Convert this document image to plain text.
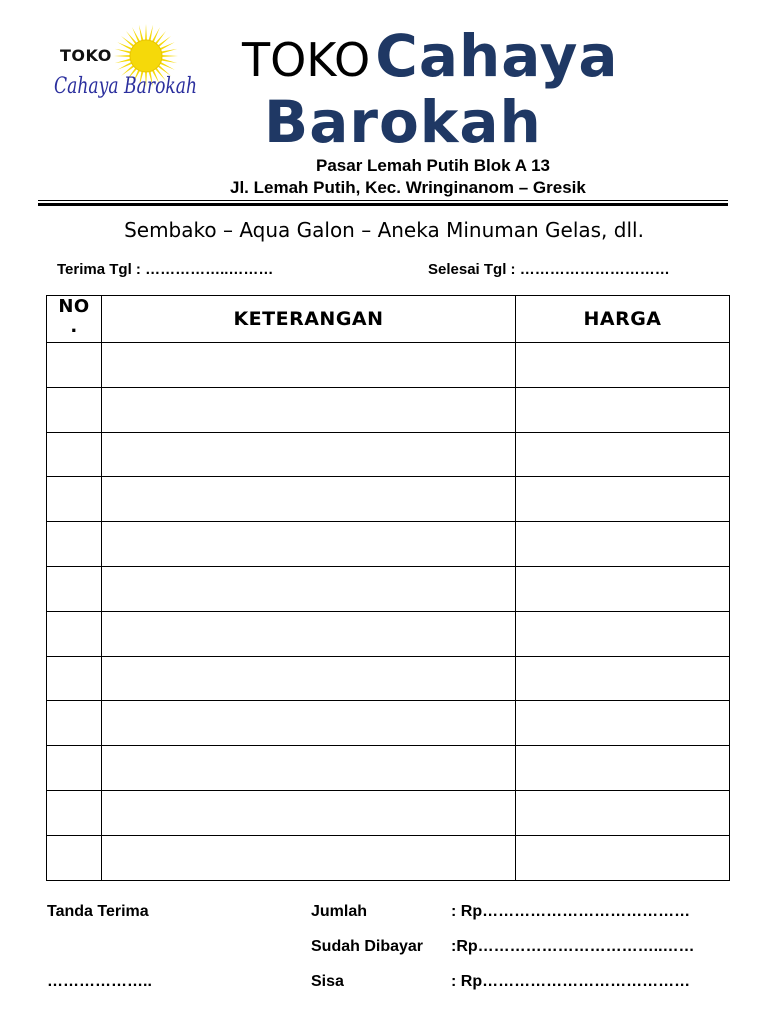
TOKO
Cahaya Barokah TOKO Cahaya
Barokah
Pasar Lemah Putih Blok A 13
Jl. Lemah Putih, Kec. Wringinanom – Gresik
Sembako – Aqua Galon – Aneka Minuman Gelas, dll.
Terima Tgl : ……………..………	Selesai Tgl : …………………………
NO
.	KETERANGAN	HARGA

Tanda Terima
………………..
Jumlah	: Rp…………………………………
Sudah Dibayar :Rp……………………………..……
Sisa	: Rp…………………………………
